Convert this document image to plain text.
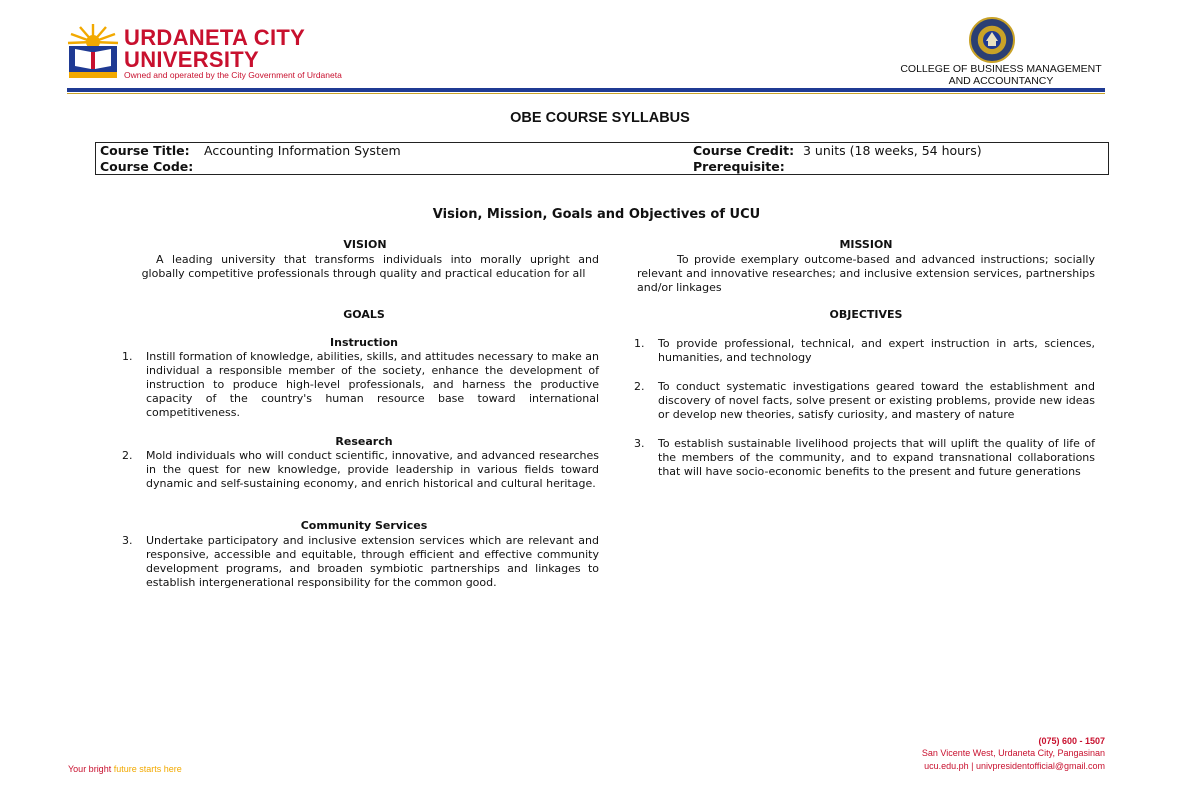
URDANETA CITY
UNIVERSITY
Owned and operated by the City Government of Urdaneta	COLLEGE OF BUSINESS MANAGEMENT
AND ACCOUNTANCY
OBE COURSE SYLLABUS
Course Title: Accounting Information System
Course Code:
Course Credit: 3 units (18 weeks, 54 hours)
Prerequisite:
Vision, Mission, Goals and Objectives of UCU
VISION
A leading university that transforms individuals into morally upright and globally competitive professionals through quality and practical education for all
MISSION
To provide exemplary outcome-based and advanced instructions; socially relevant and innovative researches; and inclusive extension services, partnerships and/or linkages
GOALS
Instruction
1. Instill formation of knowledge, abilities, skills, and attitudes necessary to make an individual a responsible member of the society, enhance the development of instruction to produce high-level professionals, and harness the productive capacity of the country's human resource base toward international competitiveness.
Research
2. Mold individuals who will conduct scientific, innovative, and advanced researches in the quest for new knowledge, provide leadership in various fields toward dynamic and self-sustaining economy, and enrich historical and cultural heritage.
Community Services
3. Undertake participatory and inclusive extension services which are relevant and responsive, accessible and equitable, through efficient and effective community development programs, and broaden symbiotic partnerships and linkages to establish intergenerational responsibility for the common good.
OBJECTIVES
1. To provide professional, technical, and expert instruction in arts, sciences, humanities, and technology
2. To conduct systematic investigations geared toward the establishment and discovery of novel facts, solve present or existing problems, provide new ideas or develop new theories, satisfy curiosity, and mastery of nature
3. To establish sustainable livelihood projects that will uplift the quality of life of the members of the community, and to expand transnational collaborations that will have socio-economic benefits to the present and future generations
Your bright future starts here
(075) 600 - 1507
San Vicente West, Urdaneta City, Pangasinan
ucu.edu.ph | univpresidentofficial@gmail.com
